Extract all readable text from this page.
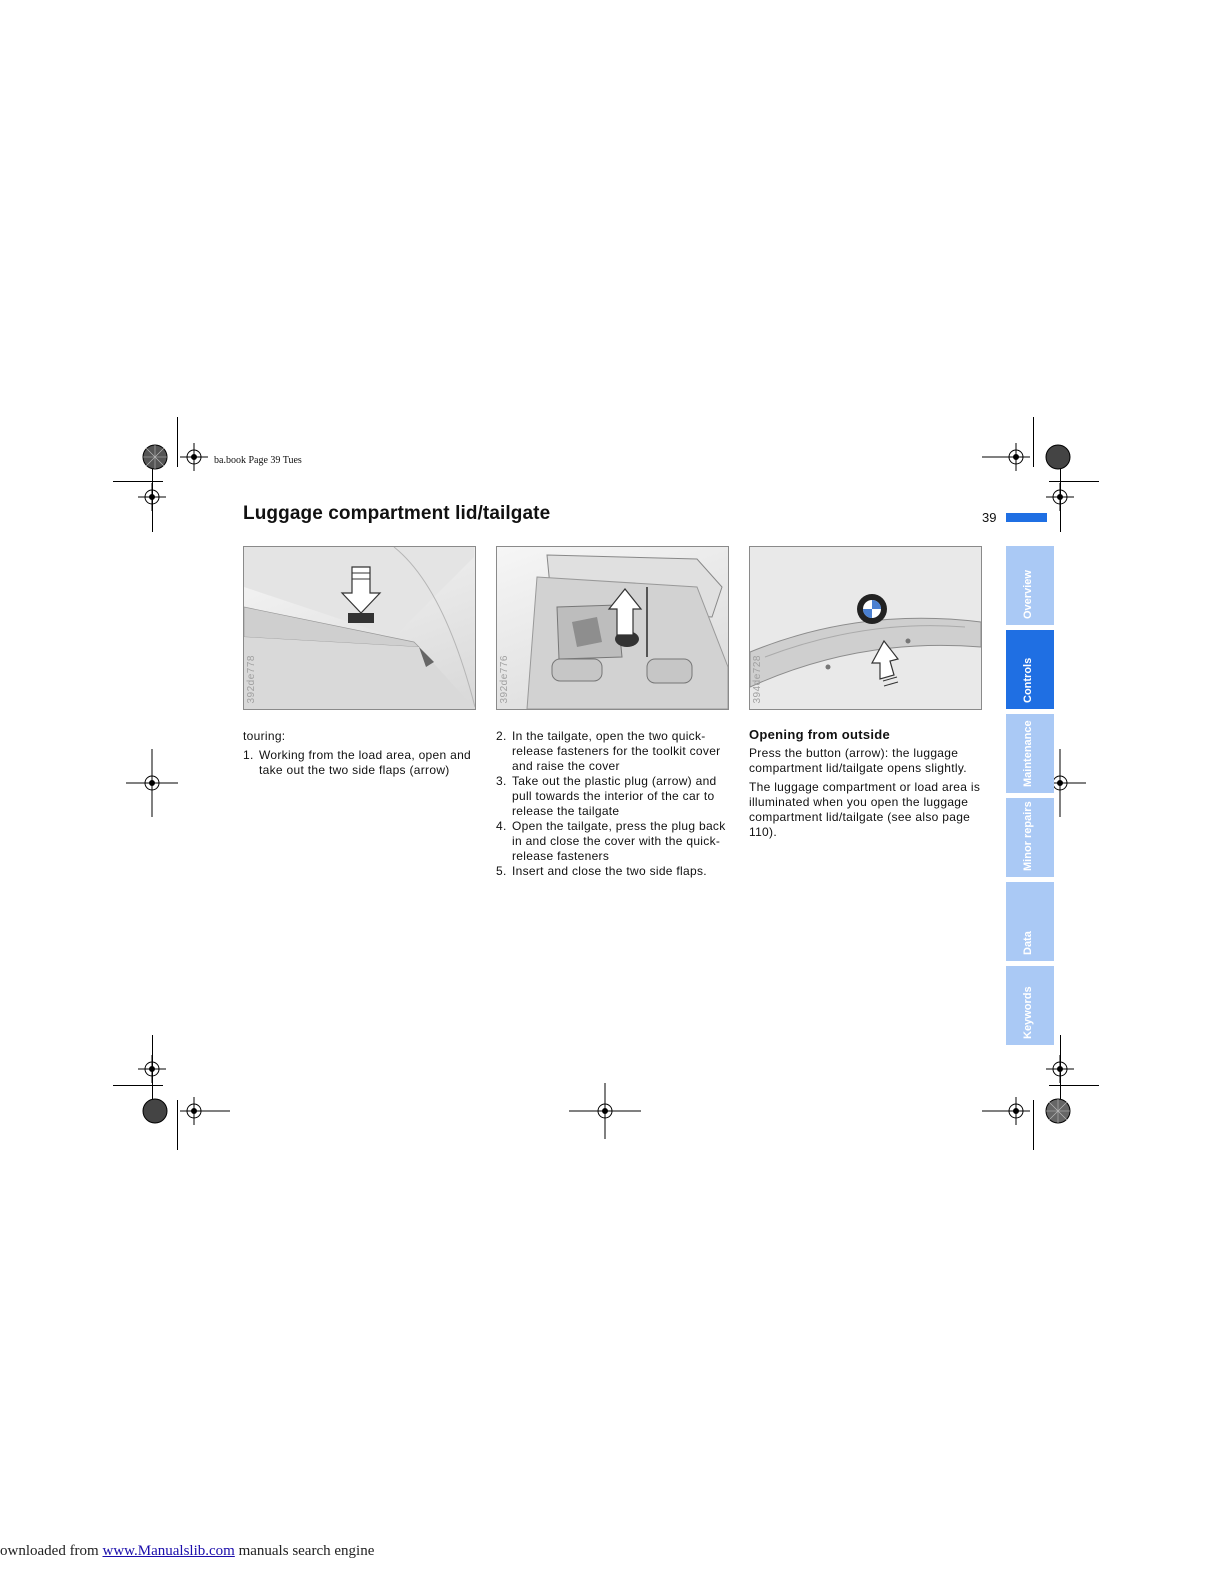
ba.book Page 39 Tues
Luggage compartment lid/tailgate	39
392de778	392de776	394de728

touring:

1. Working from the load area, open and take out the two side flaps (arrow)
2. In the tailgate, open the two quick-release fasteners for the toolkit cover and raise the cover
3. Take out the plastic plug (arrow) and pull towards the interior of the car to release the tailgate
4. Open the tailgate, press the plug back in and close the cover with the quick-release fasteners
5. Insert and close the two side flaps.
Opening from outside

Press the button (arrow): the luggage compartment lid/tailgate opens slightly.

The luggage compartment or load area is illuminated when you open the luggage compartment lid/tailgate (see also page 110).

Overview
Controls
Maintenance
Minor repairs
Data
Keywords
ownloaded from www.Manualslib.com manuals search engine
